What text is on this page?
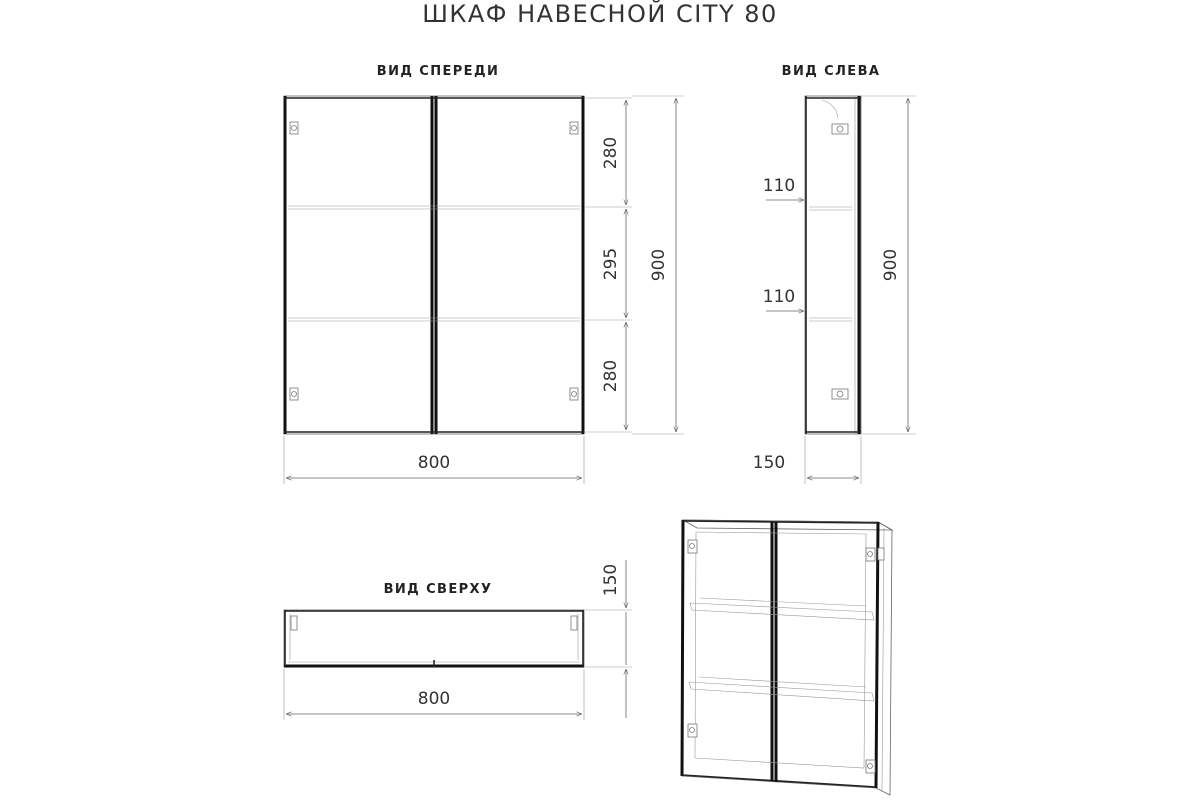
ШКАФ НАВЕСНОЙ CITY 80
ВИД СПЕРЕДИ
280
295
280
900
800
ВИД СЛЕВА
110
110
900
150
ВИД СВЕРХУ	150
800
